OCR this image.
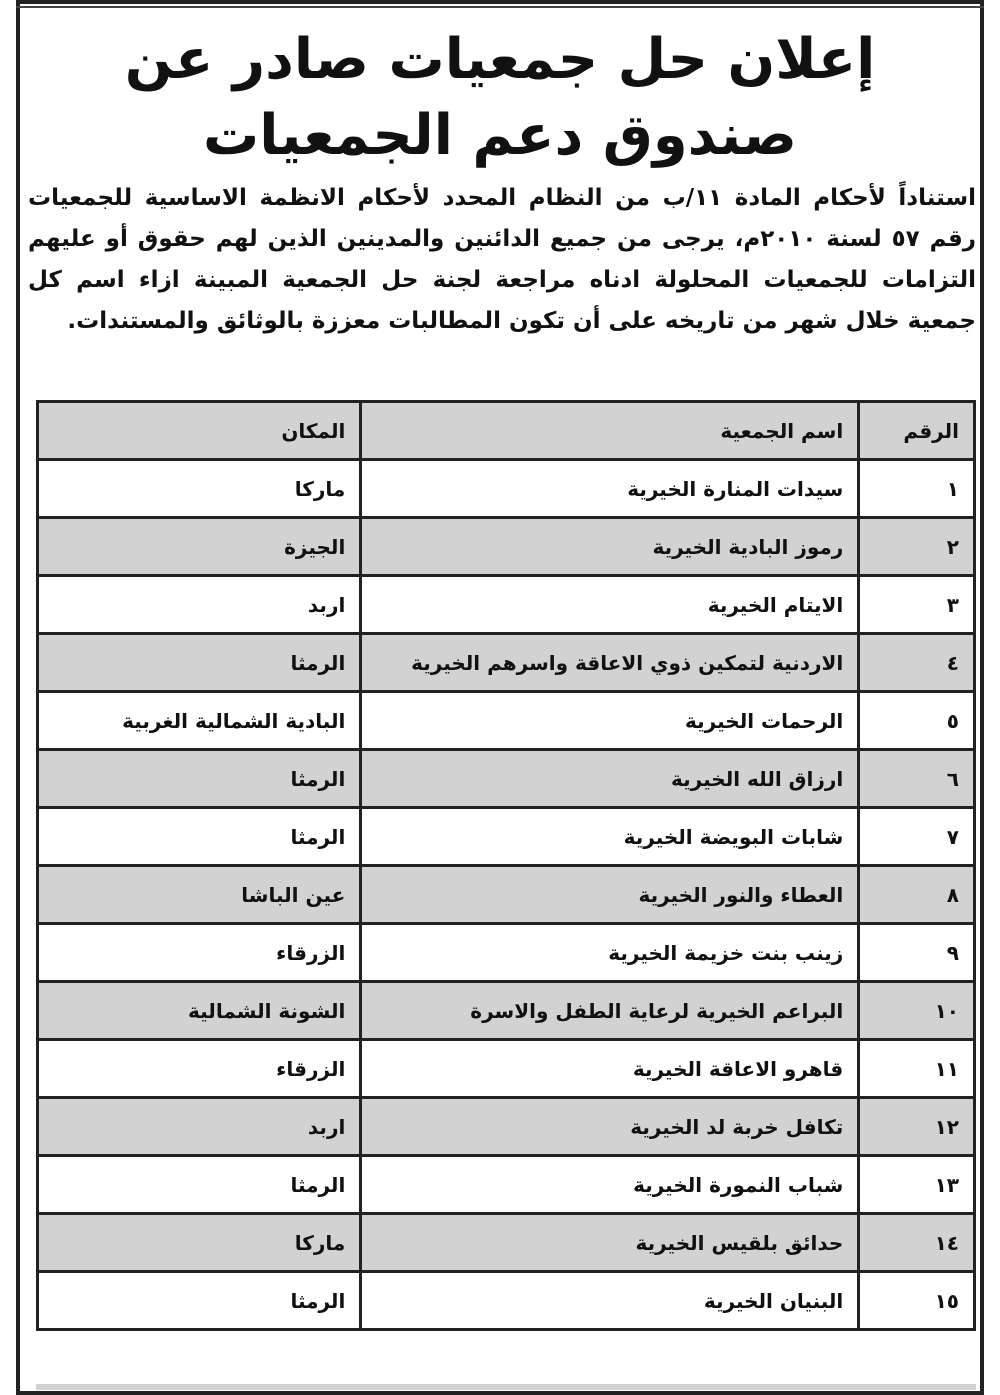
إعلان حل جمعيات صادر عن صندوق دعم الجمعيات

استناداً لأحكام المادة ١١/ب من النظام المحدد لأحكام الانظمة الاساسية للجمعيات رقم ٥٧ لسنة ٢٠١٠م، يرجى من جميع الدائنين والمدينين الذين لهم حقوق أو عليهم التزامات للجمعيات المحلولة ادناه مراجعة لجنة حل الجمعية المبينة ازاء اسم كل جمعية خلال شهر من تاريخه على أن تكون المطالبات معززة بالوثائق والمستندات.

الرقم	اسم الجمعية	المكان
١	سيدات المنارة الخيرية	ماركا
٢	رموز البادية الخيرية	الجيزة
٣	الايتام الخيرية	اربد
٤	الاردنية لتمكين ذوي الاعاقة واسرهم الخيرية	الرمثا
٥	الرحمات الخيرية	البادية الشمالية الغربية
٦	ارزاق الله الخيرية	الرمثا
٧	شابات البويضة الخيرية	الرمثا
٨	العطاء والنور الخيرية	عين الباشا
٩	زينب بنت خزيمة الخيرية	الزرقاء
١٠	البراعم الخيرية لرعاية الطفل والاسرة	الشونة الشمالية
١١	قاهرو الاعاقة الخيرية	الزرقاء
١٢	تكافل خربة لد الخيرية	اربد
١٣	شباب النمورة الخيرية	الرمثا
١٤	حدائق بلقيس الخيرية	ماركا
١٥	البنيان الخيرية	الرمثا
